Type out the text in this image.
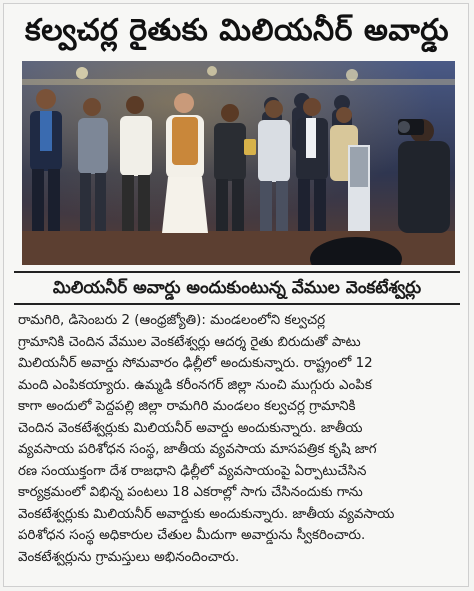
కల్వచర్ల రైతుకు మిలియనీర్ అవార్డు
మిలియనీర్ అవార్డు అందుకుంటున్న వేముల వెంకటేశ్వర్లు
రామగిరి, డిసెంబరు 2 (ఆంధ్రజ్యోతి): మండలంలోని కల్వచర్ల
గ్రామానికి చెందిన వేముల వెంకటేశ్వర్లు ఆదర్శ రైతు బిరుదుతో పాటు
మిలియనీర్ అవార్డు సోమవారం ఢిల్లీలో అందుకున్నారు. రాష్ట్రంలో 12
మంది ఎంపికయ్యారు. ఉమ్మడి కరీంనగర్ జిల్లా నుంచి ముగ్గురు ఎంపిక
కాగా అందులో పెద్దపల్లి జిల్లా రామగిరి మండలం కల్వచర్ల గ్రామానికి
చెందిన వెంకటేశ్వర్లుకు మిలియనీర్ అవార్డు అందుకున్నారు. జాతీయ
వ్యవసాయ పరిశోధన సంస్థ, జాతీయ వ్యవసాయ మాసపత్రిక కృషి జాగ
రణ సంయుక్తంగా దేశ రాజధాని ఢిల్లీలో వ్యవసాయంపై ఏర్పాటుచేసిన
కార్యక్రమంలో విభిన్న పంటలు 18 ఎకరాల్లో సాగు చేసినందుకు గాను
వెంకటేశ్వర్లుకు మిలియనీర్ అవార్డుకు అందుకున్నారు. జాతీయ వ్యవసాయ
పరిశోధన సంస్థ అధికారుల చేతుల మీదుగా అవార్డును స్వీకరించారు.
వెంకటేశ్వర్లును గ్రామస్తులు అభినందించారు.
